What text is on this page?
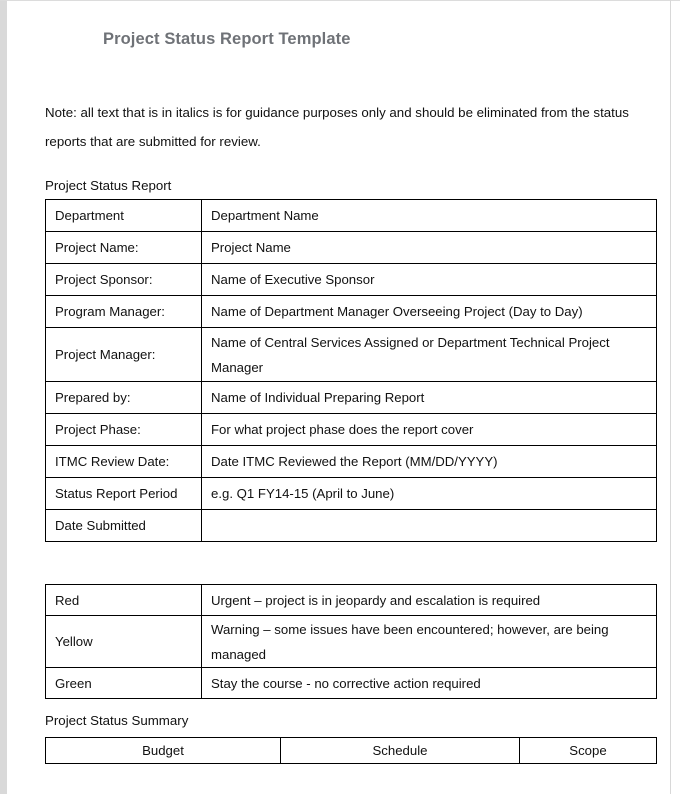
Project Status Report Template
Note: all text that is in italics is for guidance purposes only and should be eliminated from the status reports that are submitted for review.
Project Status Report
Department	Department Name
Project Name:	Project Name
Project Sponsor:	Name of Executive Sponsor
Program Manager:	Name of Department Manager Overseeing Project (Day to Day)
Project Manager:	Name of Central Services Assigned or Department Technical Project Manager
Prepared by:	Name of Individual Preparing Report
Project Phase:	For what project phase does the report cover
ITMC Review Date:	Date ITMC Reviewed the Report (MM/DD/YYYY)
Status Report Period	e.g. Q1 FY14-15 (April to June)
Date Submitted	
Red	Urgent – project is in jeopardy and escalation is required
Yellow	Warning – some issues have been encountered; however, are being managed
Green	Stay the course - no corrective action required
Project Status Summary
Budget	Schedule	Scope
